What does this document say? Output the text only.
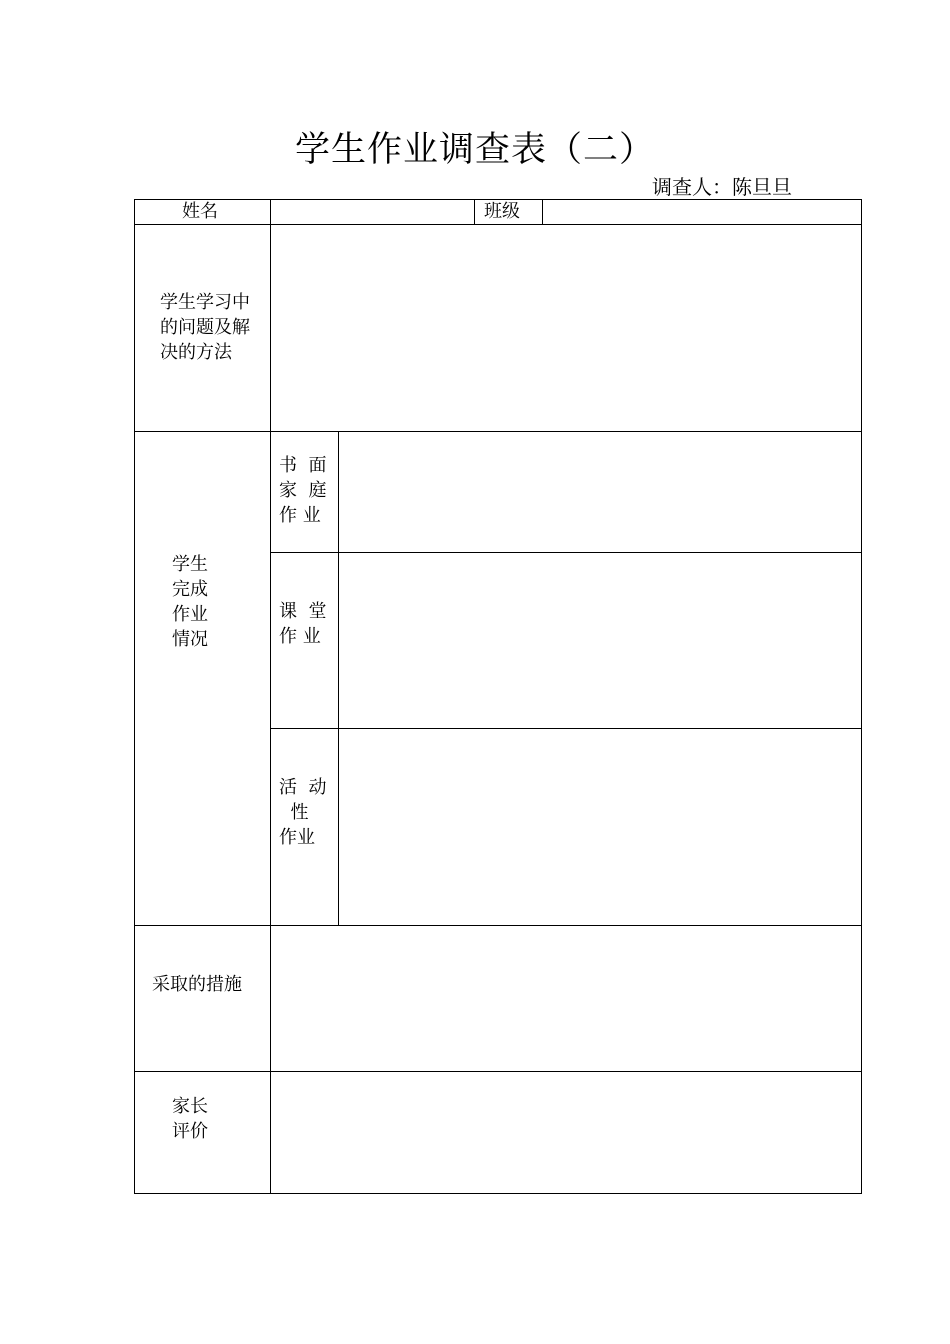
学生作业调查表（二）
调查人：陈旦旦
姓名	班级
学生学习中
的问题及解
决的方法
学生
完成
作业
情况
书  面
家  庭
作 业
课  堂
作 业
活  动
性
作业
采取的措施
家长
评价
